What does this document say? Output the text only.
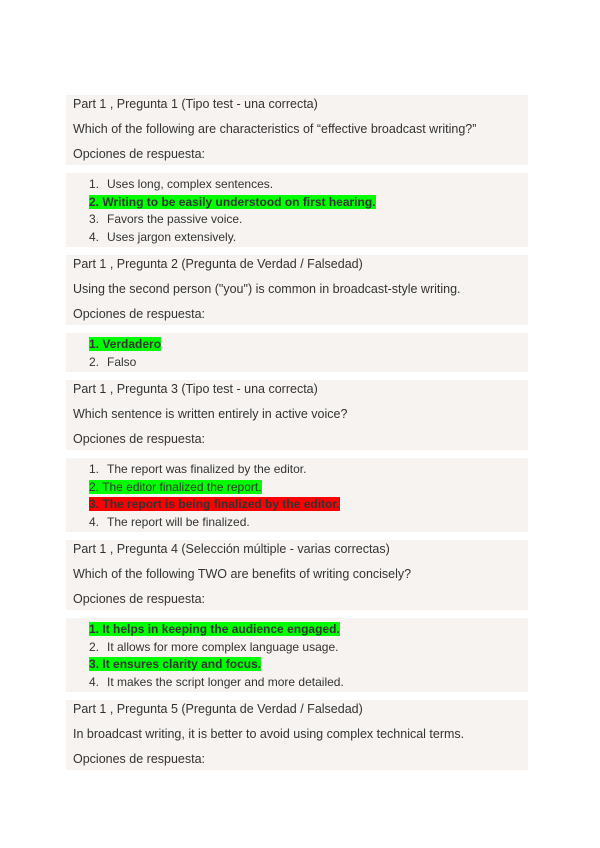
Part 1 , Pregunta 1 (Tipo test - una correcta)
Which of the following are characteristics of “effective broadcast writing?”
Opciones de respuesta:
1. Uses long, complex sentences.
2. Writing to be easily understood on first hearing.
3. Favors the passive voice.
4. Uses jargon extensively.
Part 1 , Pregunta 2 (Pregunta de Verdad / Falsedad)
Using the second person ("you") is common in broadcast-style writing.
Opciones de respuesta:
1. Verdadero
2. Falso
Part 1 , Pregunta 3 (Tipo test - una correcta)
Which sentence is written entirely in active voice?
Opciones de respuesta:
1. The report was finalized by the editor.
2. The editor finalized the report.
3. The report is being finalized by the editor.
4. The report will be finalized.
Part 1 , Pregunta 4 (Selección múltiple - varias correctas)
Which of the following TWO are benefits of writing concisely?
Opciones de respuesta:
1. It helps in keeping the audience engaged.
2. It allows for more complex language usage.
3. It ensures clarity and focus.
4. It makes the script longer and more detailed.
Part 1 , Pregunta 5 (Pregunta de Verdad / Falsedad)
In broadcast writing, it is better to avoid using complex technical terms.
Opciones de respuesta:
